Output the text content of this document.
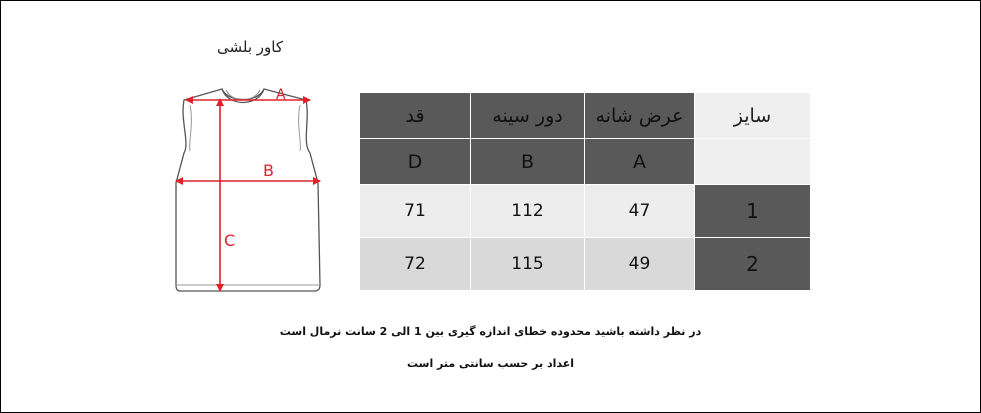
کاور بلشی
A
B
C
قد	دور سینه	عرض شانه	سایز
D	B	A	
71	112	47	1
72	115	49	2
در نظر داشته باشید محدوده خطای اندازه گیری بین 1 الی 2 سانت نرمال است
اعداد بر حسب سانتی متر است
